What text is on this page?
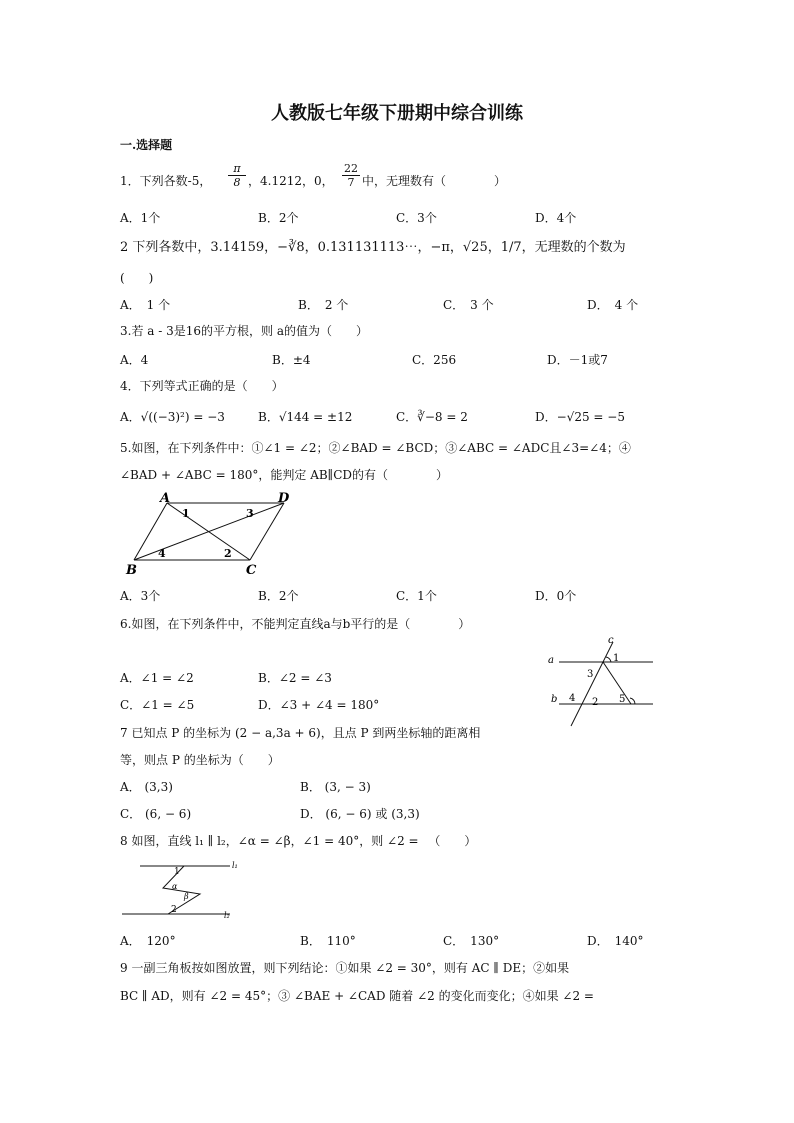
人教版七年级下册期中综合训练
一.选择题
1．下列各数-5， $\frac{\pi}{8}$ ，4.1212，0， $\frac{22}{7}$ 中，无理数有（　　　　）
A．1个	B．2个	C．3个	D．4个
2 下列各数中，3.14159，−∛8，0.131131113⋯，−π，√25，1/7，无理数的个数为
(　　)
A．　1 个	B．　2 个	C．　3 个	D．　4 个
3.若 a - 3是16的平方根，则 a的值为（　　）
A．4	B．±4	C．256	D．－1或7
4．下列等式正确的是（　　）
A．√((−3)²) = −3	B．√144 = ±12	C．∛−8 = 2	D．−√25 = −5
5.如图，在下列条件中：①∠1 = ∠2；②∠BAD = ∠BCD；③∠ABC = ∠ADC且∠3=∠4；④
∠BAD + ∠ABC = 180°，能判定 AB∥CD的有（　　　　）
A	D
B	C
1
2
3
4
A．3个	B．2个	C．1个	D．0个
6.如图，在下列条件中，不能判定直线a与b平行的是（　　　　）
A．∠1 = ∠2	B．∠2 = ∠3
C．∠1 = ∠5	D．∠3 + ∠4 = 180°
a
b
c
1
2
3
4	5
7 已知点 P 的坐标为 (2 − a,3a + 6)，且点 P 到两坐标轴的距离相
等，则点 P 的坐标为（　　）
A． (3,3)	B． (3, − 3)
C． (6, − 6)	D． (6, − 6) 或 (3,3)
8 如图，直线 l₁ ∥ l₂，∠α = ∠β，∠1 = 40°，则 ∠2 = 　（　　）
l₁
l₂
1
2
α
β
A．　120°	B．　110°	C．　130°	D．　140°
9 一副三角板按如图放置，则下列结论：①如果 ∠2 = 30°，则有 AC ∥ DE；②如果
BC ∥ AD，则有 ∠2 = 45°；③ ∠BAE + ∠CAD 随着 ∠2 的变化而变化；④如果 ∠2 =
